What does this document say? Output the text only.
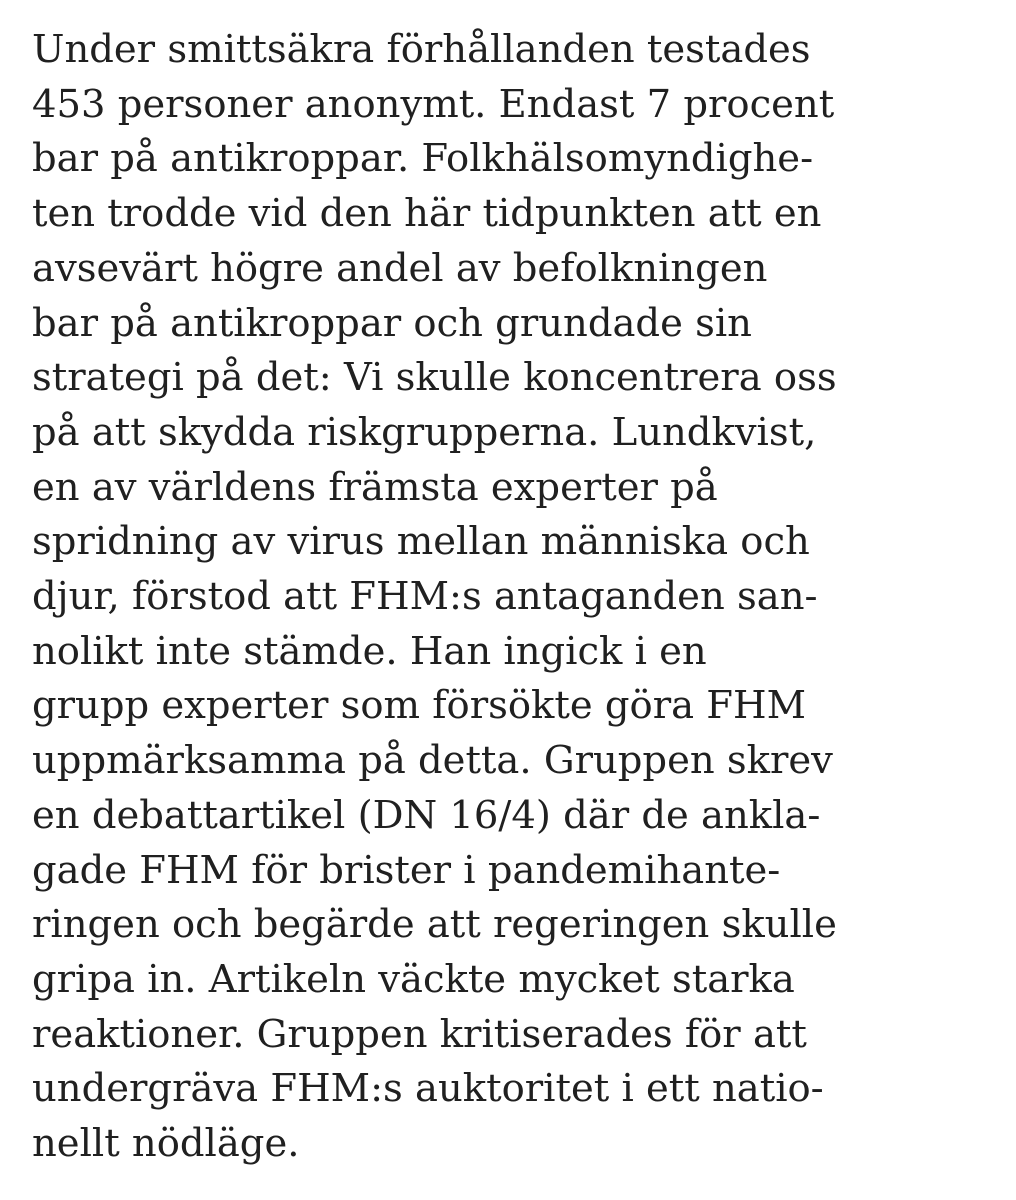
Under smittsäkra förhållanden testades
453 personer anonymt. Endast 7 procent
bar på antikroppar. Folkhälsomyndighe-
ten trodde vid den här tidpunkten att en
avsevärt högre andel av befolkningen
bar på antikroppar och grundade sin
strategi på det: Vi skulle koncentrera oss
på att skydda riskgrupperna. Lundkvist,
en av världens främsta experter på
spridning av virus mellan människa och
djur, förstod att FHM:s antaganden san-
nolikt inte stämde. Han ingick i en
grupp experter som försökte göra FHM
uppmärksamma på detta. Gruppen skrev
en debattartikel (DN 16/4) där de ankla-
gade FHM för brister i pandemihante-
ringen och begärde att regeringen skulle
gripa in. Artikeln väckte mycket starka
reaktioner. Gruppen kritiserades för att
undergräva FHM:s auktoritet i ett natio-
nellt nödläge.
